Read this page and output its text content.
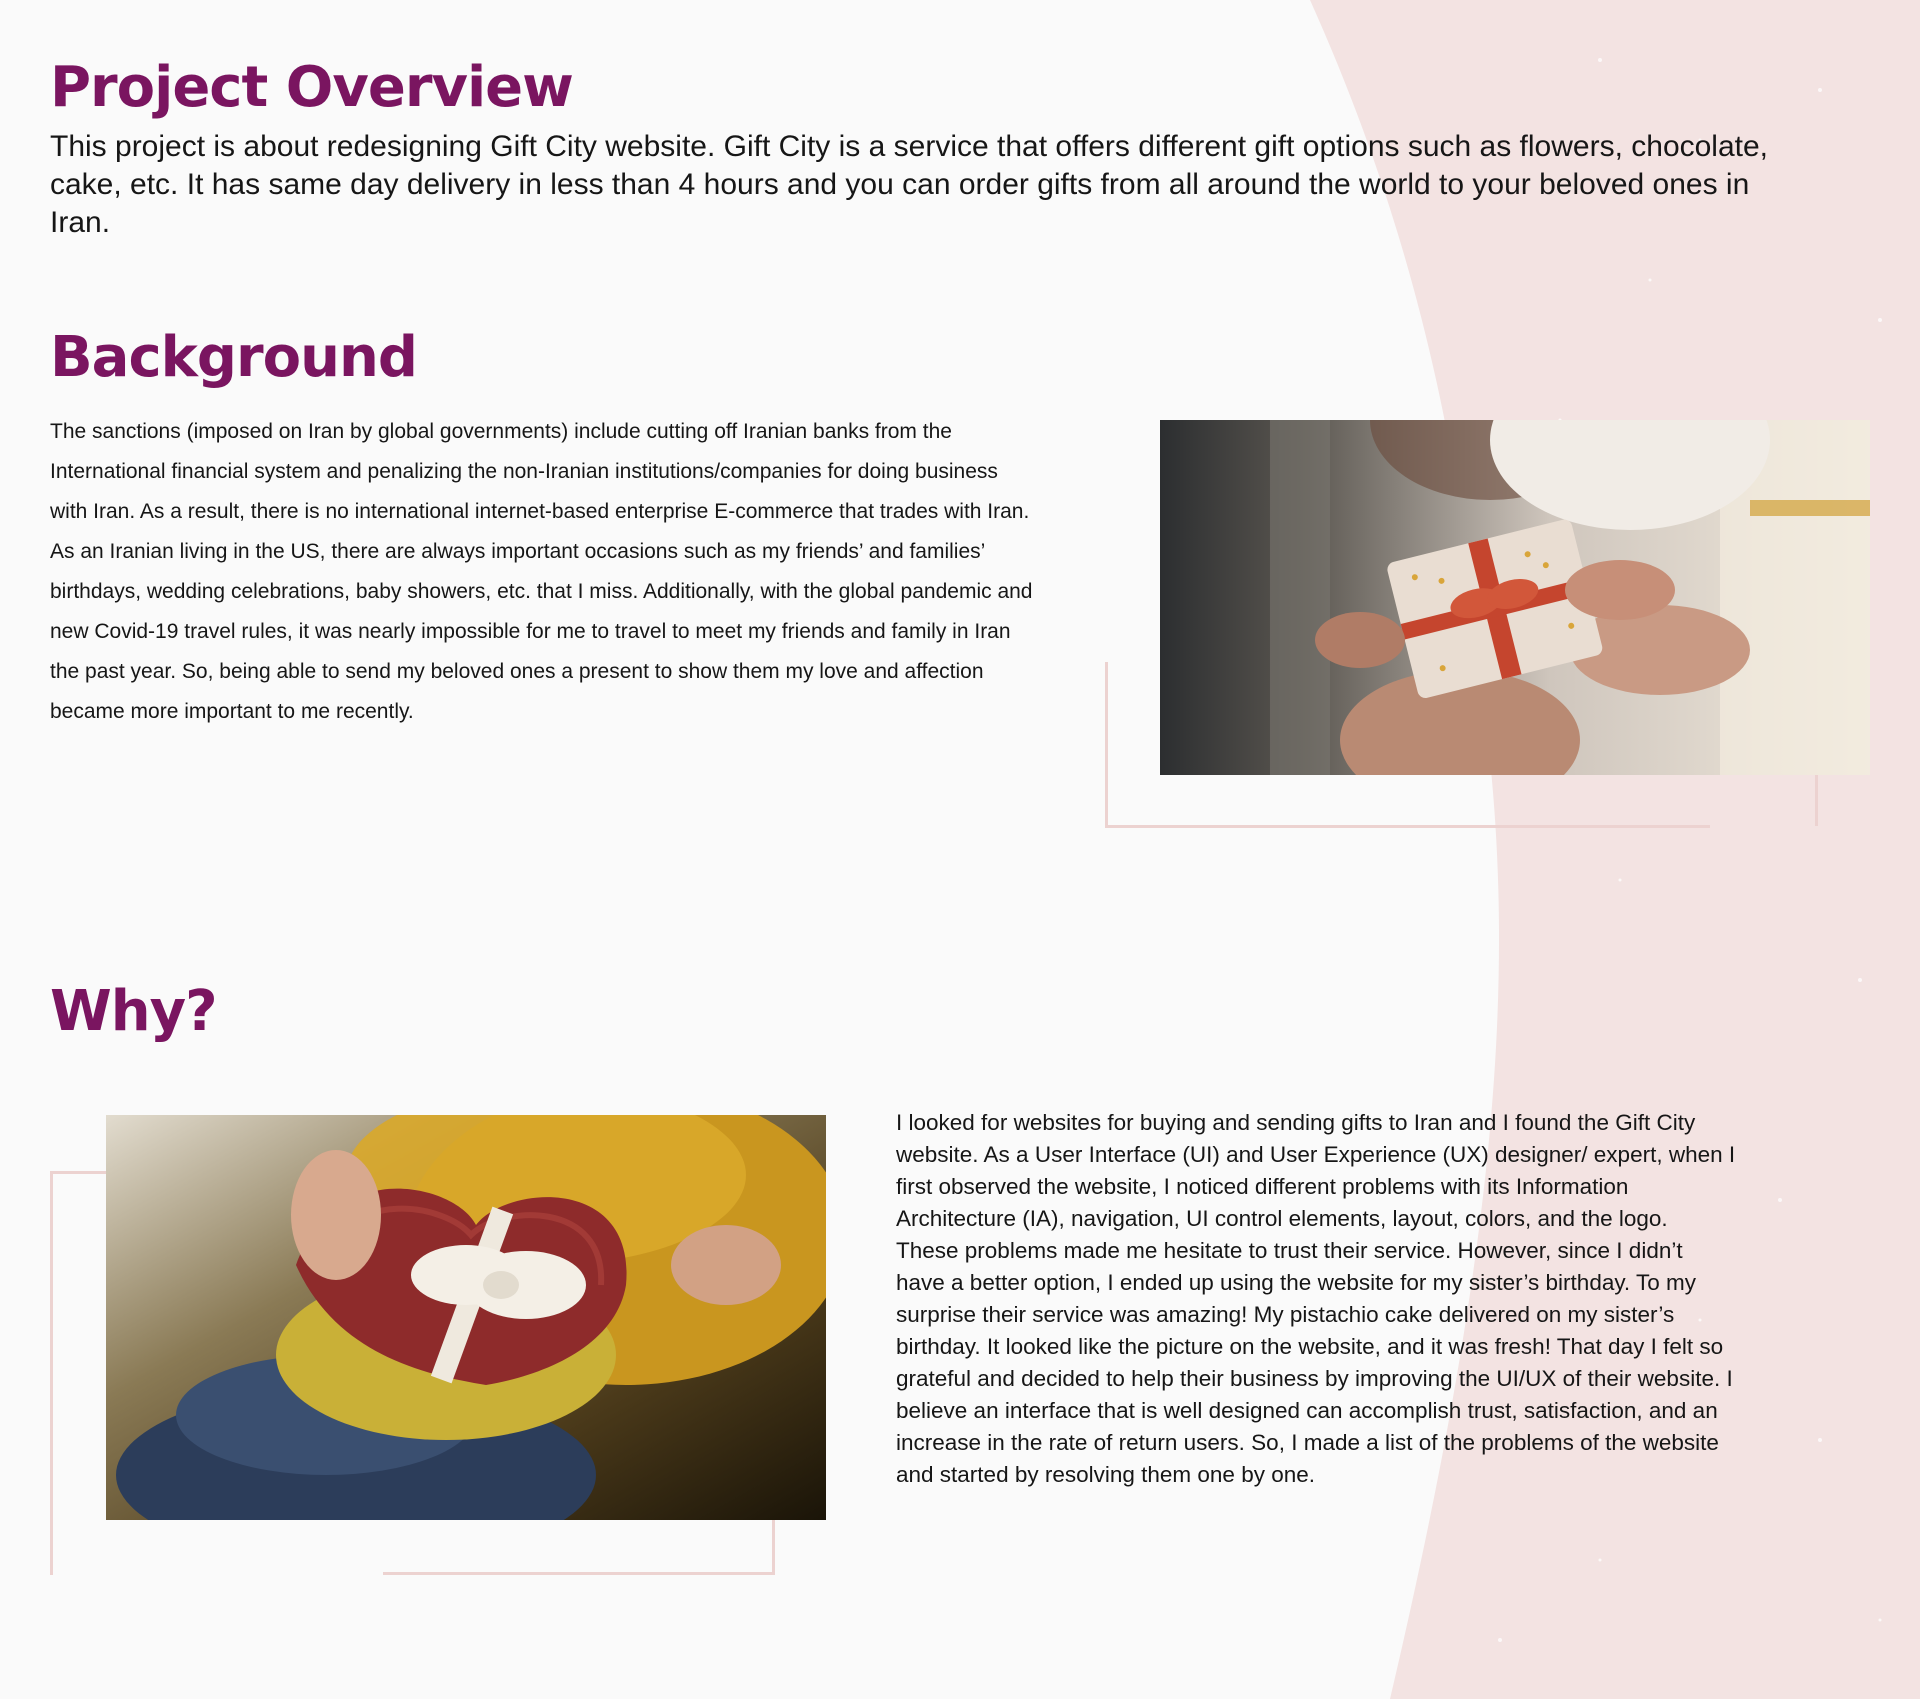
Project Overview

This project is about redesigning Gift City website. Gift City is a service that offers different gift options such as flowers, chocolate, cake, etc. It has same day delivery in less than 4 hours and you can order gifts from all around the world to your beloved ones in Iran.

Background

The sanctions (imposed on Iran by global governments) include cutting off Iranian banks from the International financial system and penalizing the non-Iranian institutions/companies for doing business with Iran. As a result, there is no international internet-based enterprise E-commerce that trades with Iran. As an Iranian living in the US, there are always important occasions such as my friends’ and families’ birthdays, wedding celebrations, baby showers, etc. that I miss. Additionally, with the global pandemic and new Covid-19 travel rules, it was nearly impossible for me to travel to meet my friends and family in Iran the past year. So, being able to send my beloved ones a present to show them my love and affection became more important to me recently.

Why?

I looked for websites for buying and sending gifts to Iran and I found the Gift City website. As a User Interface (UI) and User Experience (UX) designer/ expert, when I first observed the website, I noticed different problems with its Information Architecture (IA), navigation, UI control elements, layout, colors, and the logo. These problems made me hesitate to trust their service. However, since I didn’t have a better option, I ended up using the website for my sister’s birthday. To my surprise their service was amazing! My pistachio cake delivered on my sister’s birthday. It looked like the picture on the website, and it was fresh! That day I felt so grateful and decided to help their business by improving the UI/UX of their website. I believe an interface that is well designed can accomplish trust, satisfaction, and an increase in the rate of return users. So, I made a list of the problems of the website and started by resolving them one by one.
